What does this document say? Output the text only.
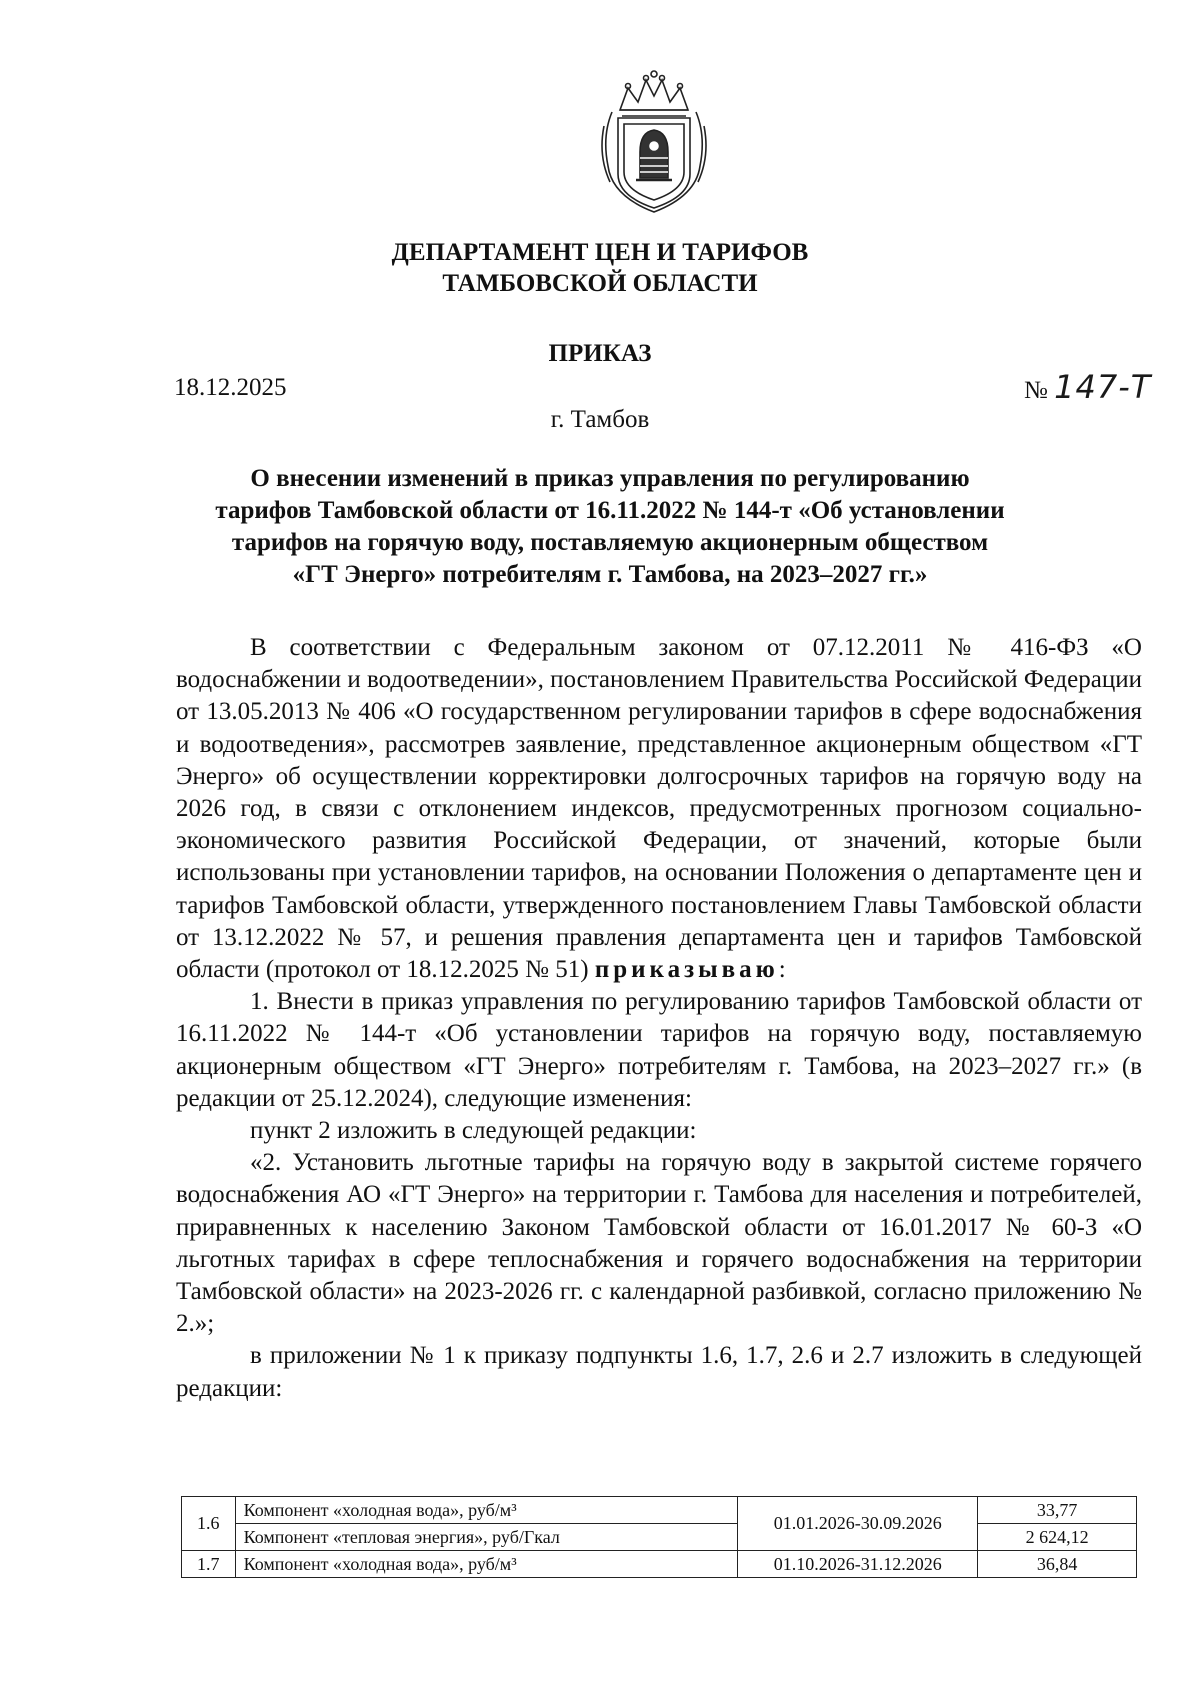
ДЕПАРТАМЕНТ ЦЕН И ТАРИФОВ
ТАМБОВСКОЙ ОБЛАСТИ
ПРИКАЗ
18.12.2025	№ 147-Т
г. Тамбов
О внесении изменений в приказ управления по регулированию
тарифов Тамбовской области от 16.11.2022 № 144-т «Об установлении
тарифов на горячую воду, поставляемую акционерным обществом
«ГТ Энерго» потребителям г. Тамбова, на 2023–2027 гг.»

В соответствии с Федеральным законом от 07.12.2011 № 416-ФЗ «О водоснабжении и водоотведении», постановлением Правительства Российской Федерации от 13.05.2013 № 406 «О государственном регулировании тарифов в сфере водоснабжения и водоотведения», рассмотрев заявление, представленное акционерным обществом «ГТ Энерго» об осуществлении корректировки долгосрочных тарифов на горячую воду на 2026 год, в связи с отклонением индексов, предусмотренных прогнозом социально-экономического развития Российской Федерации, от значений, которые были использованы при установлении тарифов, на основании Положения о департаменте цен и тарифов Тамбовской области, утвержденного постановлением Главы Тамбовской области от 13.12.2022 № 57, и решения правления департамента цен и тарифов Тамбовской области (протокол от 18.12.2025 № 51) приказываю:

1. Внести в приказ управления по регулированию тарифов Тамбовской области от 16.11.2022 № 144-т «Об установлении тарифов на горячую воду, поставляемую акционерным обществом «ГТ Энерго» потребителям г. Тамбова, на 2023–2027 гг.» (в редакции от 25.12.2024), следующие изменения:

пункт 2 изложить в следующей редакции:

«2. Установить льготные тарифы на горячую воду в закрытой системе горячего водоснабжения АО «ГТ Энерго» на территории г. Тамбова для населения и потребителей, приравненных к населению Законом Тамбовской области от 16.01.2017 № 60-З «О льготных тарифах в сфере теплоснабжения и горячего водоснабжения на территории Тамбовской области» на 2023-2026 гг. с календарной разбивкой, согласно приложению № 2.»;

в приложении № 1 к приказу подпункты 1.6, 1.7, 2.6 и 2.7 изложить в следующей редакции:

1.6	Компонент «холодная вода», руб/м³	01.01.2026-30.09.2026	33,77
	Компонент «тепловая энергия», руб/Гкал		2 624,12
1.7	Компонент «холодная вода», руб/м³	01.10.2026-31.12.2026	36,84
